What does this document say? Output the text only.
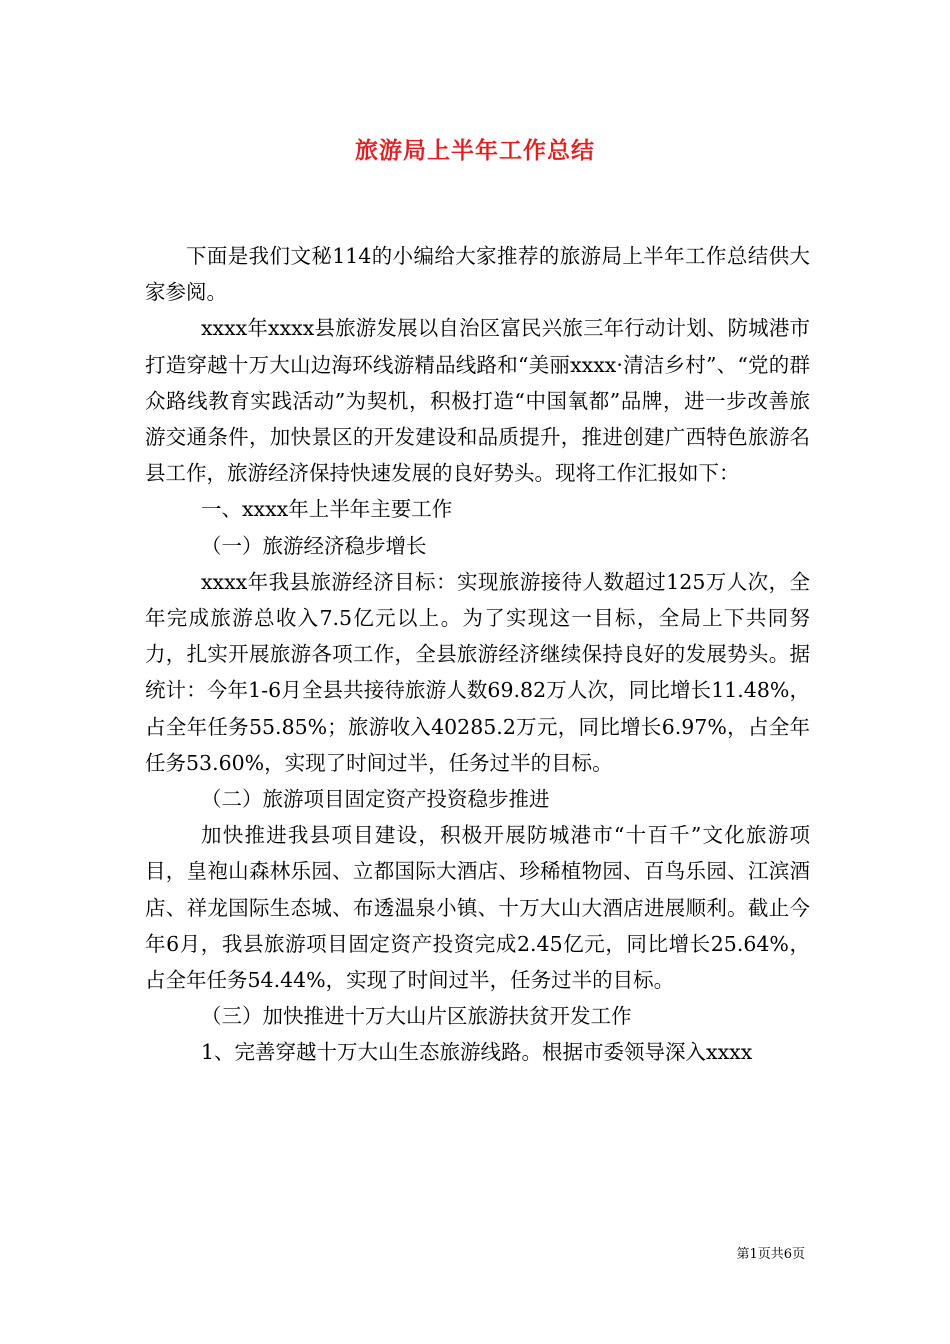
旅游局上半年工作总结

下面是我们文秘114的小编给大家推荐的旅游局上半年工作总结供大家参阅。

xxxx年xxxx县旅游发展以自治区富民兴旅三年行动计划、防城港市打造穿越十万大山边海环线游精品线路和“美丽xxxx·清洁乡村”、“党的群众路线教育实践活动”为契机，积极打造“中国氧都”品牌，进一步改善旅游交通条件，加快景区的开发建设和品质提升，推进创建广西特色旅游名县工作，旅游经济保持快速发展的良好势头。现将工作汇报如下：

一、xxxx年上半年主要工作

（一）旅游经济稳步增长

xxxx年我县旅游经济目标：实现旅游接待人数超过125万人次，全年完成旅游总收入7.5亿元以上。为了实现这一目标，全局上下共同努力，扎实开展旅游各项工作，全县旅游经济继续保持良好的发展势头。据统计：今年1-6月全县共接待旅游人数69.82万人次，同比增长11.48%，占全年任务55.85%；旅游收入40285.2万元，同比增长6.97%，占全年任务53.60%，实现了时间过半，任务过半的目标。

（二）旅游项目固定资产投资稳步推进

加快推进我县项目建设，积极开展防城港市“十百千”文化旅游项目，皇袍山森林乐园、立都国际大酒店、珍稀植物园、百鸟乐园、江滨酒店、祥龙国际生态城、布透温泉小镇、十万大山大酒店进展顺利。截止今年6月，我县旅游项目固定资产投资完成2.45亿元，同比增长25.64%，占全年任务54.44%，实现了时间过半，任务过半的目标。

（三）加快推进十万大山片区旅游扶贫开发工作

1、完善穿越十万大山生态旅游线路。根据市委领导深入xxxx

第1页共6页
